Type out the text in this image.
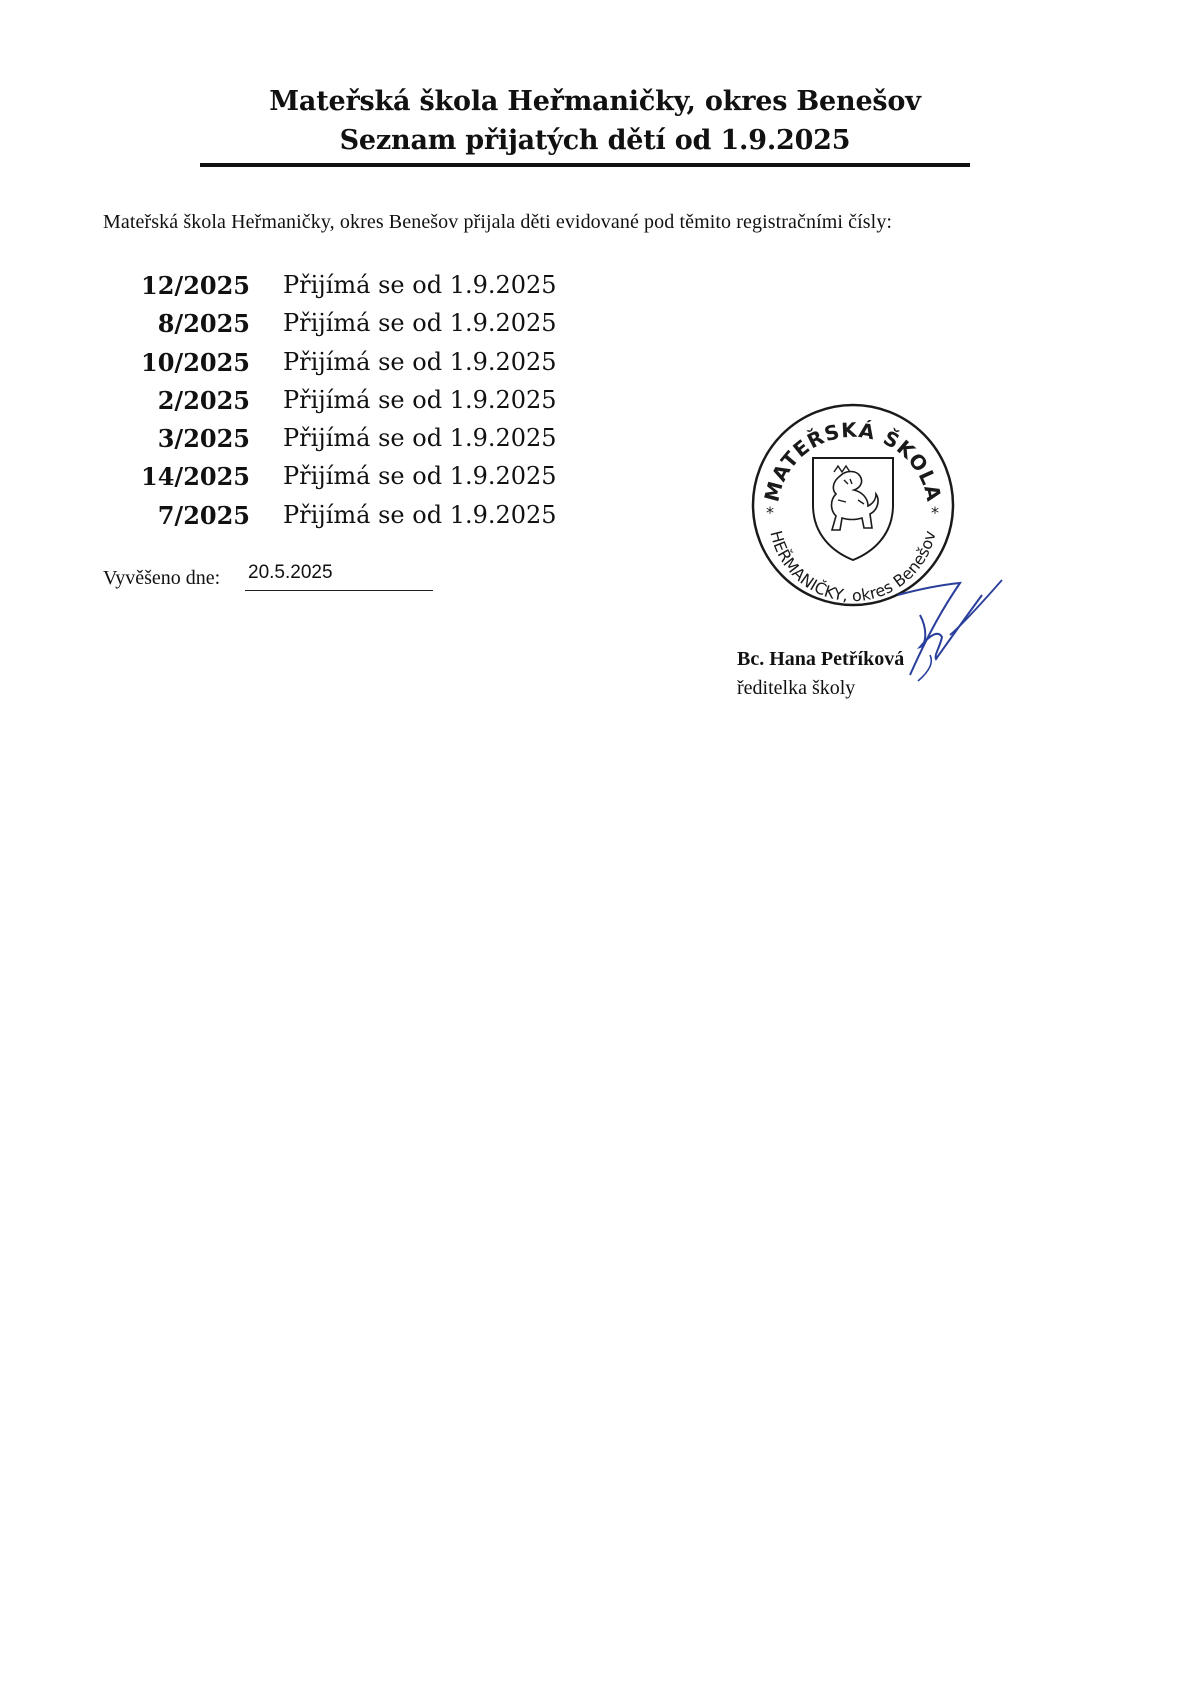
Mateřská škola Heřmaničky, okres Benešov
Seznam přijatých dětí od 1.9.2025
Mateřská škola Heřmaničky, okres Benešov přijala děti evidované pod těmito registračními čísly:
12/2025 Přijímá se od 1.9.2025
8/2025 Přijímá se od 1.9.2025
10/2025 Přijímá se od 1.9.2025
2/2025 Přijímá se od 1.9.2025
3/2025 Přijímá se od 1.9.2025
14/2025 Přijímá se od 1.9.2025
7/2025 Přijímá se od 1.9.2025
Vyvěšeno dne: 20.5.2025
MATEŘSKÁ ŠKOLA
HEŘMANIČKY, okres Benešov
*	*
Bc. Hana Petříková
ředitelka školy
